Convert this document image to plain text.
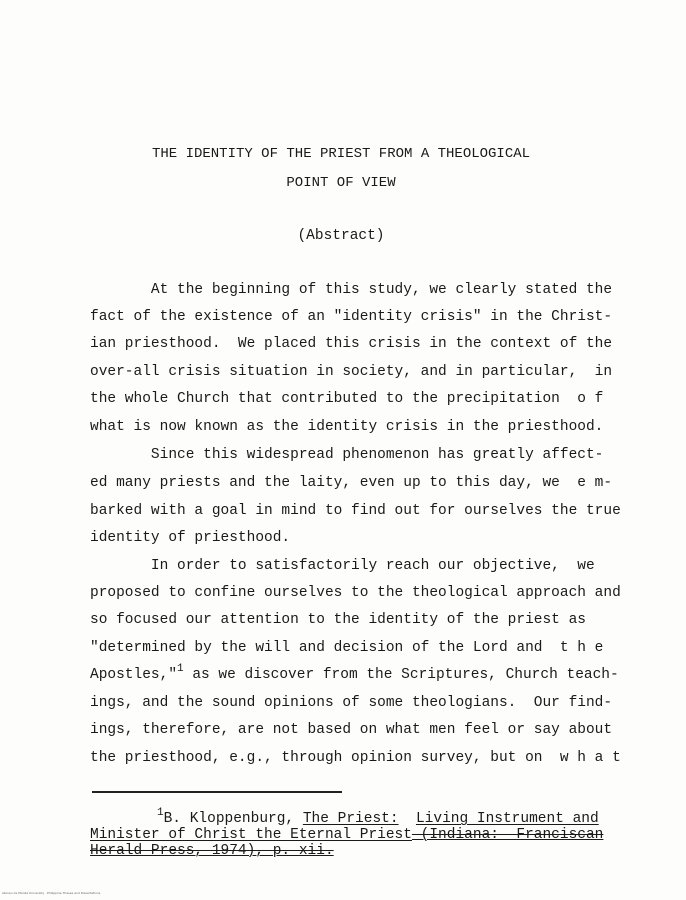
THE IDENTITY OF THE PRIEST FROM A THEOLOGICAL
POINT OF VIEW
(Abstract)
At the beginning of this study, we clearly stated the
fact of the existence of an "identity crisis" in the Christ-
ian priesthood.  We placed this crisis in the context of the
over-all crisis situation in society, and in particular,  in
the whole Church that contributed to the precipitation  o f
what is now known as the identity crisis in the priesthood.
Since this widespread phenomenon has greatly affect-
ed many priests and the laity, even up to this day, we  e m-
barked with a goal in mind to find out for ourselves the true
identity of priesthood.
In order to satisfactorily reach our objective,  we
proposed to confine ourselves to the theological approach and
so focused our attention to the identity of the priest as
"determined by the will and decision of the Lord and  t h e
Apostles,"$^1$ as we discover from the Scriptures, Church teach-
ings, and the sound opinions of some theologians.  Our find-
ings, therefore, are not based on what men feel or say about
the priesthood, e.g., through opinion survey, but on  w h a t
$^1$B. Kloppenburg, The Priest: Living Instrument and
Minister of Christ the Eternal Priest (Indiana:  Franciscan
Herald Press, 1974), p. xii.
Ateneo de Manila University · Philippine Theses and Dissertations
